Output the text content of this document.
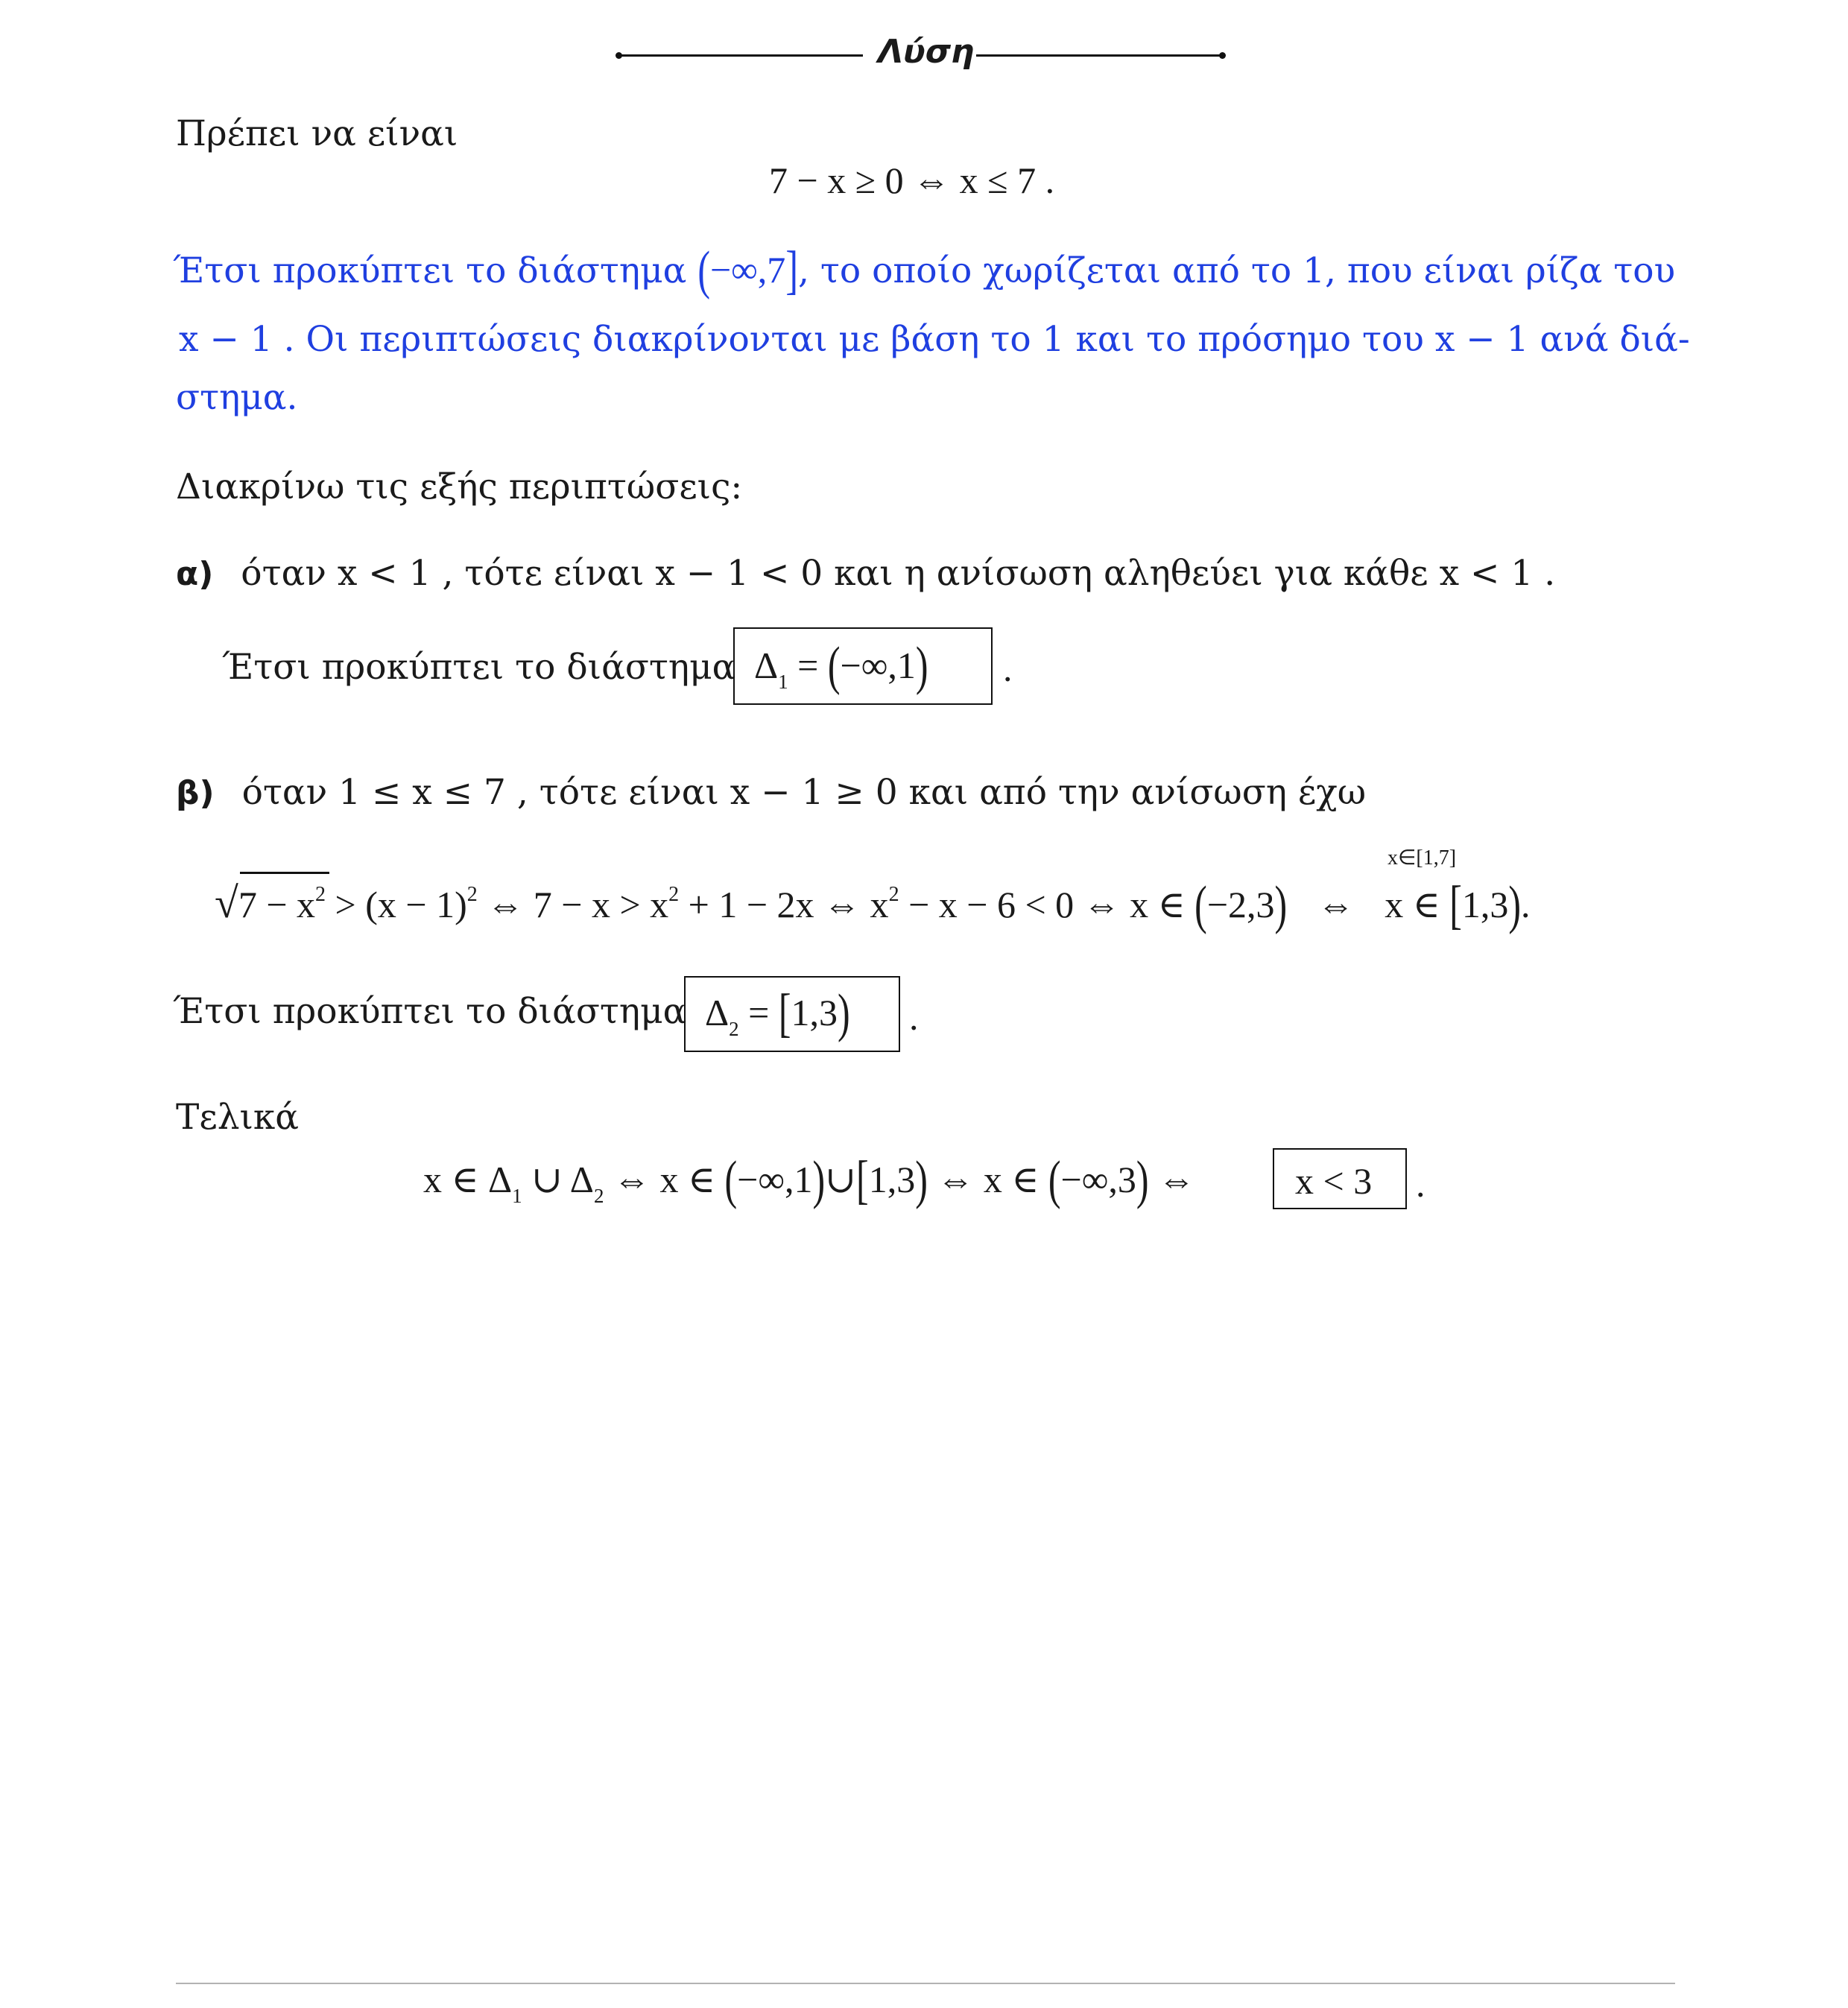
Λύση
Πρέπει να είναι
7 − x ≥ 0 ⇔ x ≤ 7 .
Έτσι προκύπτει το διάστημα (−∞,7], το οποίο χωρίζεται από το 1, που είναι ρίζα του
x − 1 . Οι περιπτώσεις διακρίνονται με βάση το 1 και το πρόσημο του x − 1 ανά διά-
στημα.
Διακρίνω τις εξής περιπτώσεις:
α) όταν x < 1 , τότε είναι x − 1 < 0 και η ανίσωση αληθεύει για κάθε x < 1 .
Έτσι προκύπτει το διάστημα $\Delta_1 = (-\infty,1)$ .
β) όταν 1 ≤ x ≤ 7 , τότε είναι x − 1 ≥ 0 και από την ανίσωση έχω
x∈[1,7]
$√7 - x^2 > (x - 1)^2$ ⇔ $7 - x > x^2 + 1 - 2x$ ⇔ $x^2 - x - 6 < 0$ ⇔ x ∈ (−2,3) ⇔ x ∈ [1,3).
Έτσι προκύπτει το διάστημα $\Delta_2 = [1,3)$ .
Τελικά
x ∈ $\Delta_1$ ∪ $\Delta_2$ ⇔ x ∈ (−∞,1)∪[1,3) ⇔ x ∈ (−∞,3) ⇔	x < 3 .
